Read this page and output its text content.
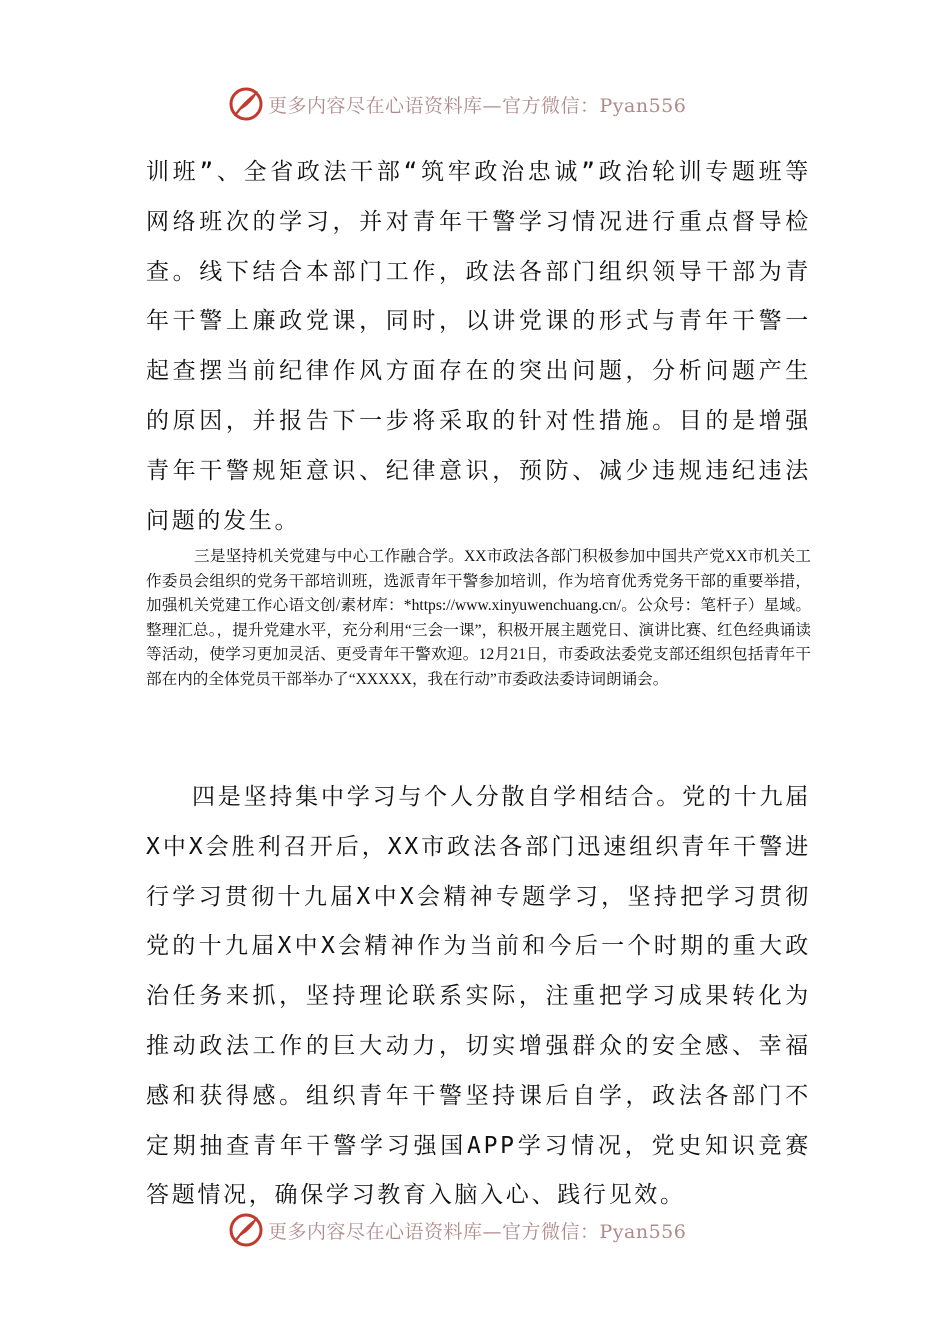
更多内容尽在心语资料库—官方微信：Pyan556

训班”、全省政法干部“筑牢政治忠诚”政治轮训专题班等网络班次的学习，并对青年干警学习情况进行重点督导检查。线下结合本部门工作，政法各部门组织领导干部为青年干警上廉政党课，同时，以讲党课的形式与青年干警一起查摆当前纪律作风方面存在的突出问题，分析问题产生的原因，并报告下一步将采取的针对性措施。目的是增强青年干警规矩意识、纪律意识，预防、减少违规违纪违法问题的发生。

三是坚持机关党建与中心工作融合学。XX市政法各部门积极参加中国共产党XX市机关工作委员会组织的党务干部培训班，选派青年干警参加培训，作为培育优秀党务干部的重要举措，加强机关党建工作心语文创/素材库：*https://www.xinyuwenchuang.cn/。公众号：笔杆子）星域。整理汇总。，提升党建水平，充分利用“三会一课”，积极开展主题党日、演讲比赛、红色经典诵读等活动，使学习更加灵活、更受青年干警欢迎。12月21日，市委政法委党支部还组织包括青年干部在内的全体党员干部举办了“XXXXX，我在行动”市委政法委诗词朗诵会。

四是坚持集中学习与个人分散自学相结合。党的十九届X中X会胜利召开后，XX市政法各部门迅速组织青年干警进行学习贯彻十九届X中X会精神专题学习，坚持把学习贯彻党的十九届X中X会精神作为当前和今后一个时期的重大政治任务来抓，坚持理论联系实际，注重把学习成果转化为推动政法工作的巨大动力，切实增强群众的安全感、幸福感和获得感。组织青年干警坚持课后自学，政法各部门不定期抽查青年干警学习强国APP学习情况，党史知识竞赛答题情况，确保学习教育入脑入心、践行见效。

更多内容尽在心语资料库—官方微信：Pyan556
